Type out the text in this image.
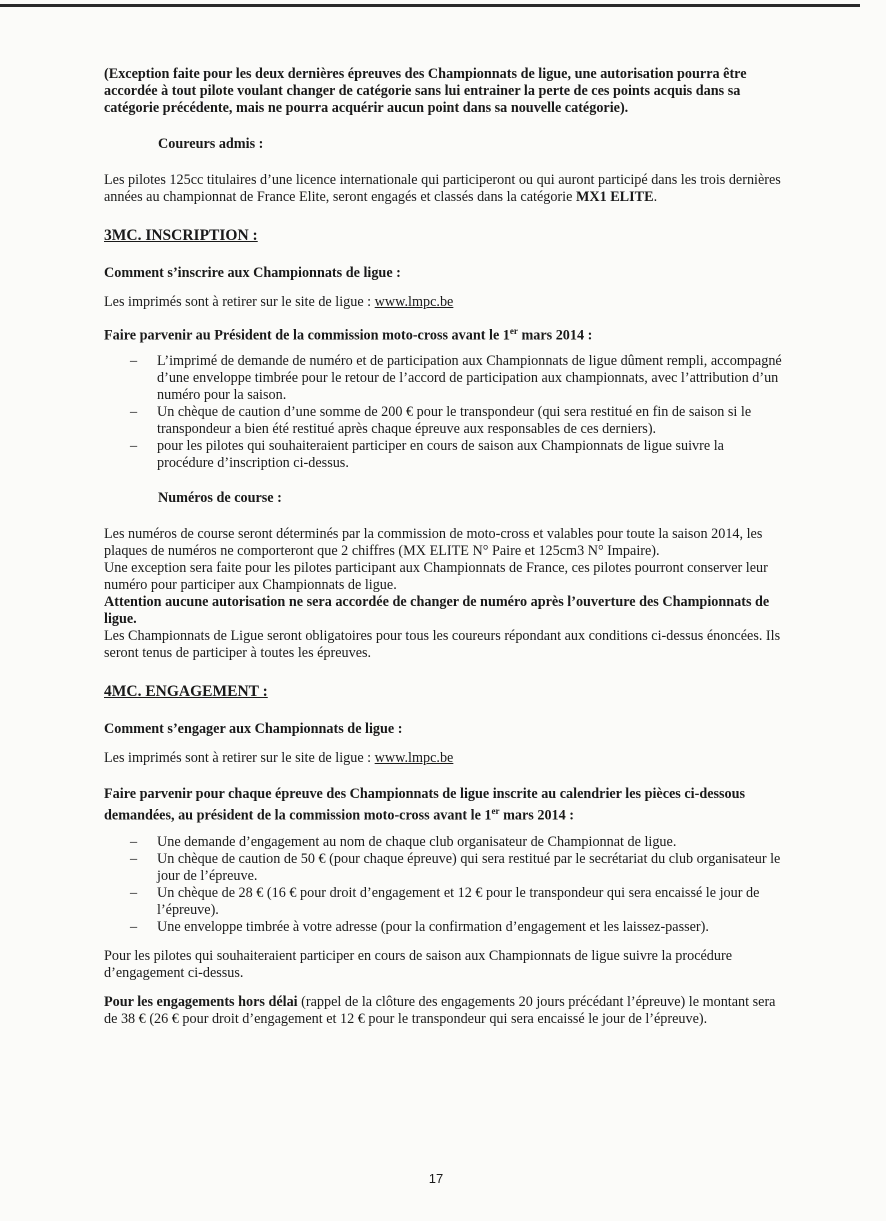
(Exception faite pour les deux dernières épreuves des Championnats de ligue, une autorisation pourra être accordée à tout pilote voulant changer de catégorie sans lui entrainer la perte de ces points acquis dans sa catégorie précédente, mais ne pourra acquérir aucun point dans sa nouvelle catégorie).

Coureurs admis :

Les pilotes 125cc titulaires d’une licence internationale qui participeront ou qui auront participé dans les trois dernières années au championnat de France Elite, seront engagés et classés dans la catégorie MX1 ELITE.

3MC. INSCRIPTION :

Comment s’inscrire aux Championnats de ligue :

Les imprimés sont à retirer sur le site de ligue : www.lmpc.be

Faire parvenir au Président de la commission moto-cross avant le 1er mars 2014 :

– L’imprimé de demande de numéro et de participation aux Championnats de ligue dûment rempli, accompagné d’une enveloppe timbrée pour le retour de l’accord de participation aux championnats, avec l’attribution d’un numéro pour la saison.
– Un chèque de caution d’une somme de 200 € pour le transpondeur (qui sera restitué en fin de saison si le transpondeur a bien été restitué après chaque épreuve aux responsables de ces derniers).
– pour les pilotes qui souhaiteraient participer en cours de saison aux Championnats de ligue suivre la procédure d’inscription ci-dessus.

Numéros de course :

Les numéros de course seront déterminés par la commission de moto-cross et valables pour toute la saison 2014, les plaques de numéros ne comporteront que 2 chiffres (MX ELITE N° Paire et 125cm3 N° Impaire).

Une exception sera faite pour les pilotes participant aux Championnats de France, ces pilotes pourront conserver leur numéro pour participer aux Championnats de ligue.

Attention aucune autorisation ne sera accordée de changer de numéro après l’ouverture des Championnats de ligue.

Les Championnats de Ligue seront obligatoires pour tous les coureurs répondant aux conditions ci-dessus énoncées. Ils seront tenus de participer à toutes les épreuves.

4MC. ENGAGEMENT :

Comment s’engager aux Championnats de ligue :

Les imprimés sont à retirer sur le site de ligue : www.lmpc.be

Faire parvenir pour chaque épreuve des Championnats de ligue inscrite au calendrier les pièces ci-dessous demandées, au président de la commission moto-cross avant le 1er mars 2014 :

– Une demande d’engagement au nom de chaque club organisateur de Championnat de ligue.
– Un chèque de caution de 50 € (pour chaque épreuve) qui sera restitué par le secrétariat du club organisateur le jour de l’épreuve.
– Un chèque de 28 € (16 € pour droit d’engagement et 12 € pour le transpondeur qui sera encaissé le jour de l’épreuve).
– Une enveloppe timbrée à votre adresse (pour la confirmation d’engagement et les laissez-passer).

Pour les pilotes qui souhaiteraient participer en cours de saison aux Championnats de ligue suivre la procédure d’engagement ci-dessus.

Pour les engagements hors délai (rappel de la clôture des engagements 20 jours précédant l’épreuve) le montant sera de 38 € (26 € pour droit d’engagement et 12 € pour le transpondeur qui sera encaissé le jour de l’épreuve).

17
